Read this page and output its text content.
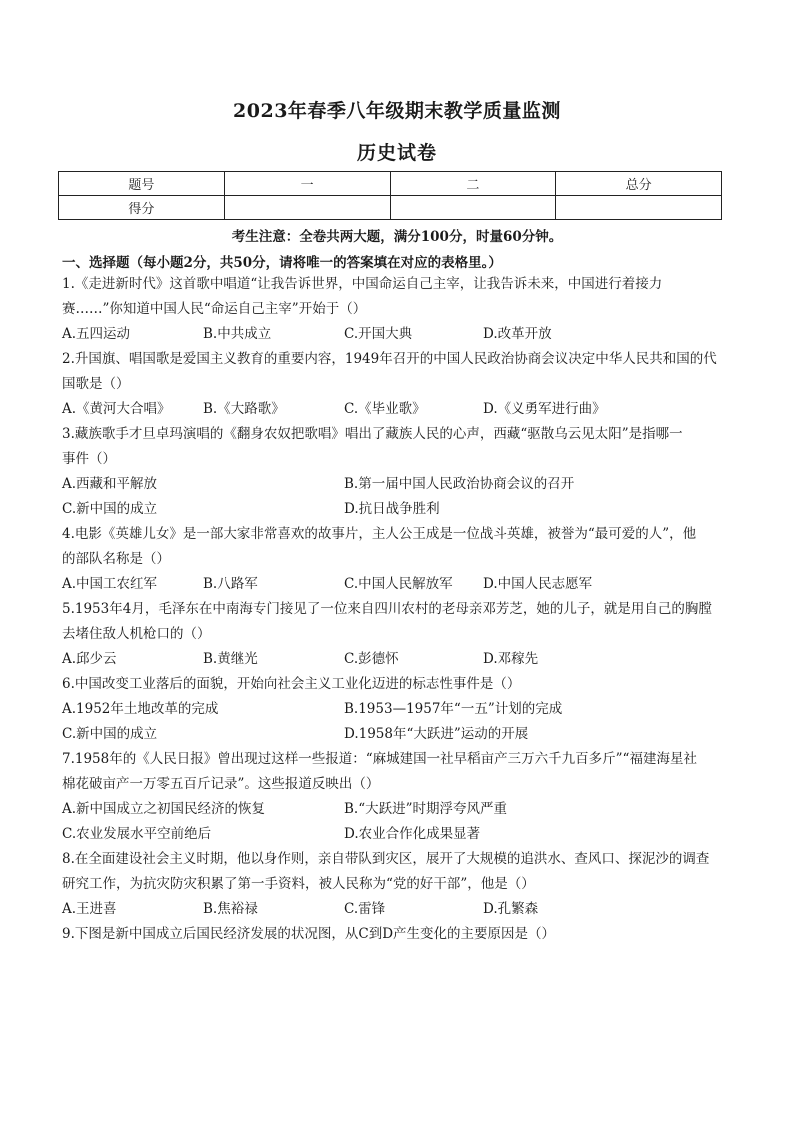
2023年春季八年级期末教学质量监测
历史试卷
题号	一	二	总分
得分			
考生注意：全卷共两大题，满分100分，时量60分钟。
一、选择题（每小题2分，共50分，请将唯一的答案填在对应的表格里。）
1.《走进新时代》这首歌中唱道“让我告诉世界，中国命运自己主宰，让我告诉未来，中国进行着接力
赛……”你知道中国人民“命运自己主宰”开始于（）
A.五四运动	B.中共成立	C.开国大典	D.改革开放
2.升国旗、唱国歌是爱国主义教育的重要内容，1949年召开的中国人民政治协商会议决定中华人民共和国的代
国歌是（）
A.《黄河大合唱》 B.《大路歌》	C.《毕业歌》	D.《义勇军进行曲》
3.藏族歌手才旦卓玛演唱的《翻身农奴把歌唱》唱出了藏族人民的心声，西藏“驱散乌云见太阳”是指哪一
事件（）
A.西藏和平解放	B.第一届中国人民政治协商会议的召开
C.新中国的成立	D.抗日战争胜利
4.电影《英雄儿女》是一部大家非常喜欢的故事片，主人公王成是一位战斗英雄，被誉为“最可爱的人”，他
的部队名称是（）
A.中国工农红军	B.八路军	C.中国人民解放军 D.中国人民志愿军
5.1953年4月，毛泽东在中南海专门接见了一位来自四川农村的老母亲邓芳芝，她的儿子，就是用自己的胸膛
去堵住敌人机枪口的（）
A.邱少云	B.黄继光	C.彭德怀	D.邓稼先
6.中国改变工业落后的面貌，开始向社会主义工业化迈进的标志性事件是（）
A.1952年土地改革的完成	B.1953—1957年“一五”计划的完成
C.新中国的成立	D.1958年“大跃进”运动的开展
7.1958年的《人民日报》曾出现过这样一些报道：“麻城建国一社早稻亩产三万六千九百多斤”“福建海星社
棉花破亩产一万零五百斤记录”。这些报道反映出（）
A.新中国成立之初国民经济的恢复	B.“大跃进”时期浮夸风严重
C.农业发展水平空前绝后	D.农业合作化成果显著
8.在全面建设社会主义时期，他以身作则，亲自带队到灾区，展开了大规模的追洪水、查风口、探泥沙的调查
研究工作，为抗灾防灾积累了第一手资料，被人民称为“党的好干部”，他是（）
A.王进喜	B.焦裕禄	C.雷锋	D.孔繁森
9.下图是新中国成立后国民经济发展的状况图，从C到D产生变化的主要原因是（）
